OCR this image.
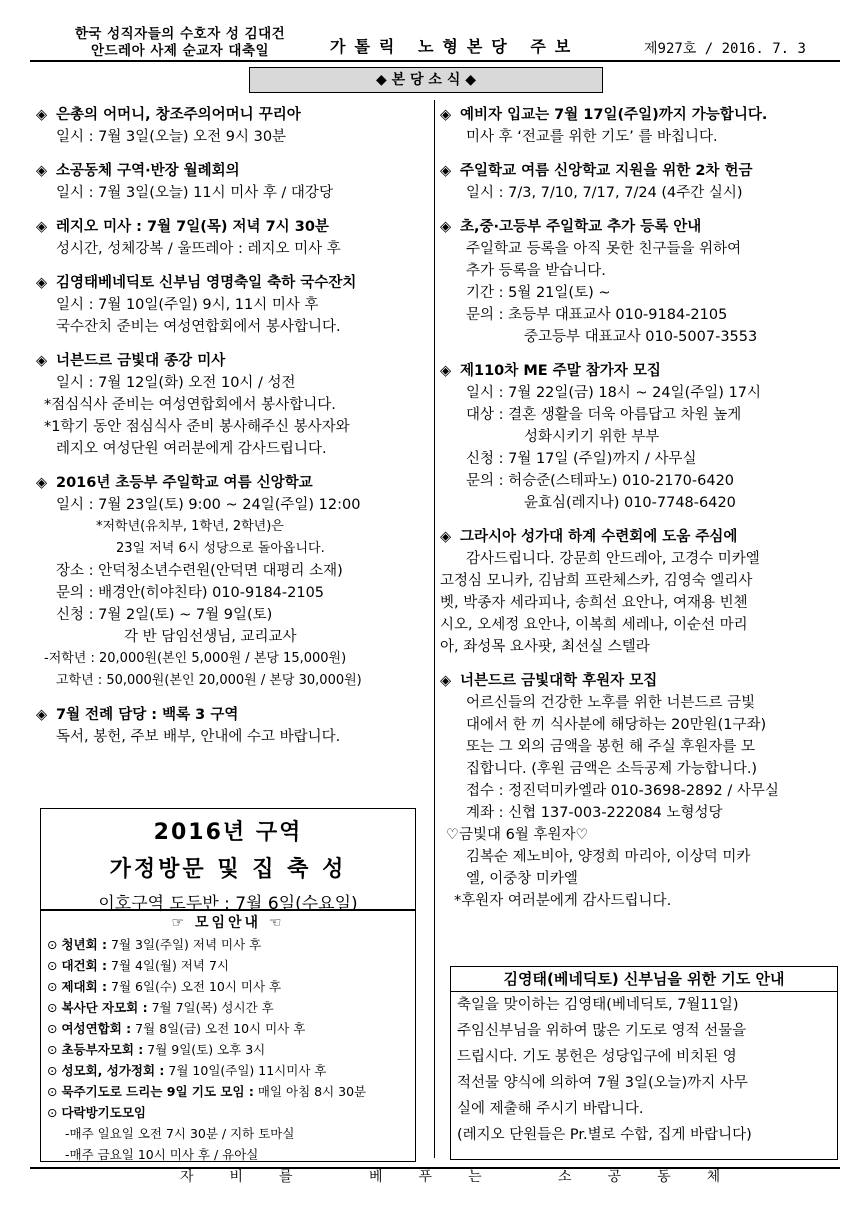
한국 성직자들의 수호자 성 김대건
안드레아 사제 순교자 대축일	가톨릭 노형본당 주보	제927호 / 2016. 7. 3
◆ 본 당 소 식 ◆
◈ 은총의 어머니, 창조주의어머니 꾸리아
일시 : 7월 3일(오늘) 오전 9시 30분
◈ 소공동체 구역·반장 월례회의
일시 : 7월 3일(오늘) 11시 미사 후 / 대강당
◈ 레지오 미사 : 7월 7일(목) 저녁 7시 30분
성시간, 성체강복 / 울뜨레아 : 레지오 미사 후
◈ 김영태베네딕토 신부님 영명축일 축하 국수잔치
일시 : 7월 10일(주일) 9시, 11시 미사 후
국수잔치 준비는 여성연합회에서 봉사합니다.
◈ 너븐드르 금빛대 종강 미사
일시 : 7월 12일(화) 오전 10시 / 성전
*점심식사 준비는 여성연합회에서 봉사합니다.
*1학기 동안 점심식사 준비 봉사해주신 봉사자와
레지오 여성단원 여러분에게 감사드립니다.
◈ 2016년 초등부 주일학교 여름 신앙학교
일시 : 7월 23일(토) 9:00 ~ 24일(주일) 12:00
*저학년(유치부, 1학년, 2학년)은
23일 저녁 6시 성당으로 돌아옵니다.
장소 : 안덕청소년수련원(안덕면 대평리 소재)
문의 : 배경안(히야친타) 010-9184-2105
신청 : 7월 2일(토) ~ 7월 9일(토)
각 반 담임선생님, 교리교사
-저학년 : 20,000원(본인 5,000원 / 본당 15,000원)
고학년 : 50,000원(본인 20,000원 / 본당 30,000원)
◈ 7월 전례 담당 : 백록 3 구역
독서, 봉헌, 주보 배부, 안내에 수고 바랍니다.
2016년 구역
가정방문 및 집 축 성
이호구역 도두반 : 7월 6일(수요일)
☞ 모임안내 ☜
⊙ 청년회 : 7월 3일(주일) 저녁 미사 후
⊙ 대건회 : 7월 4일(월) 저녁 7시
⊙ 제대회 : 7월 6일(수) 오전 10시 미사 후
⊙ 복사단 자모회 : 7월 7일(목) 성시간 후
⊙ 여성연합회 : 7월 8일(금) 오전 10시 미사 후
⊙ 초등부자모회 : 7월 9일(토) 오후 3시
⊙ 성모회, 성가정회 : 7월 10일(주일) 11시미사 후
⊙ 묵주기도로 드리는 9일 기도 모임 : 매일 아침 8시 30분
⊙ 다락방기도모임
-매주 일요일 오전 7시 30분 / 지하 토마실
-매주 금요일 10시 미사 후 / 유아실
◈ 예비자 입교는 7월 17일(주일)까지 가능합니다.
미사 후 ‘전교를 위한 기도’ 를 바칩니다.
◈ 주일학교 여름 신앙학교 지원을 위한 2차 헌금
일시 : 7/3, 7/10, 7/17, 7/24 (4주간 실시)
◈ 초,중·고등부 주일학교 추가 등록 안내
주일학교 등록을 아직 못한 친구들을 위하여
추가 등록을 받습니다.
기간 : 5월 21일(토) ~
문의 : 초등부 대표교사 010-9184-2105
중고등부 대표교사 010-5007-3553
◈ 제110차 ME 주말 참가자 모집
일시 : 7월 22일(금) 18시 ~ 24일(주일) 17시
대상 : 결혼 생활을 더욱 아름답고 차원 높게
성화시키기 위한 부부
신청 : 7월 17일 (주일)까지 / 사무실
문의 : 허승준(스테파노) 010-2170-6420
윤효심(레지나) 010-7748-6420
◈ 그라시아 성가대 하계 수련회에 도움 주심에
감사드립니다. 강문희 안드레아, 고경수 미카엘
고정심 모니카, 김남희 프란체스카, 김영숙 엘리사
벳, 박종자 세라피나, 송희선 요안나, 여재용 빈첸
시오, 오세정 요안나, 이복희 세레나, 이순선 마리
아, 좌성목 요사팟, 최선실 스텔라
◈ 너븐드르 금빛대학 후원자 모집
어르신들의 건강한 노후를 위한 너븐드르 금빛
대에서 한 끼 식사분에 해당하는 20만원(1구좌)
또는 그 외의 금액을 봉헌 해 주실 후원자를 모
집합니다. (후원 금액은 소득공제 가능합니다.)
접수 : 정진덕미카엘라 010-3698-2892 / 사무실
계좌 : 신협 137-003-222084 노형성당
♡금빛대 6월 후원자♡
김복순 제노비아, 양정희 마리아, 이상덕 미카
엘, 이중창 미카엘
*후원자 여러분에게 감사드립니다.
김영태(베네딕토) 신부님을 위한 기도 안내
축일을 맞이하는 김영태(베네딕토, 7월11일)
주임신부님을 위하여 많은 기도로 영적 선물을
드립시다. 기도 봉헌은 성당입구에 비치된 영
적선물 양식에 의하여 7월 3일(오늘)까지 사무
실에 제출해 주시기 바랍니다.
(레지오 단원들은 Pr.별로 수합, 집게 바랍니다)
자비를 베푸는 소공동체
